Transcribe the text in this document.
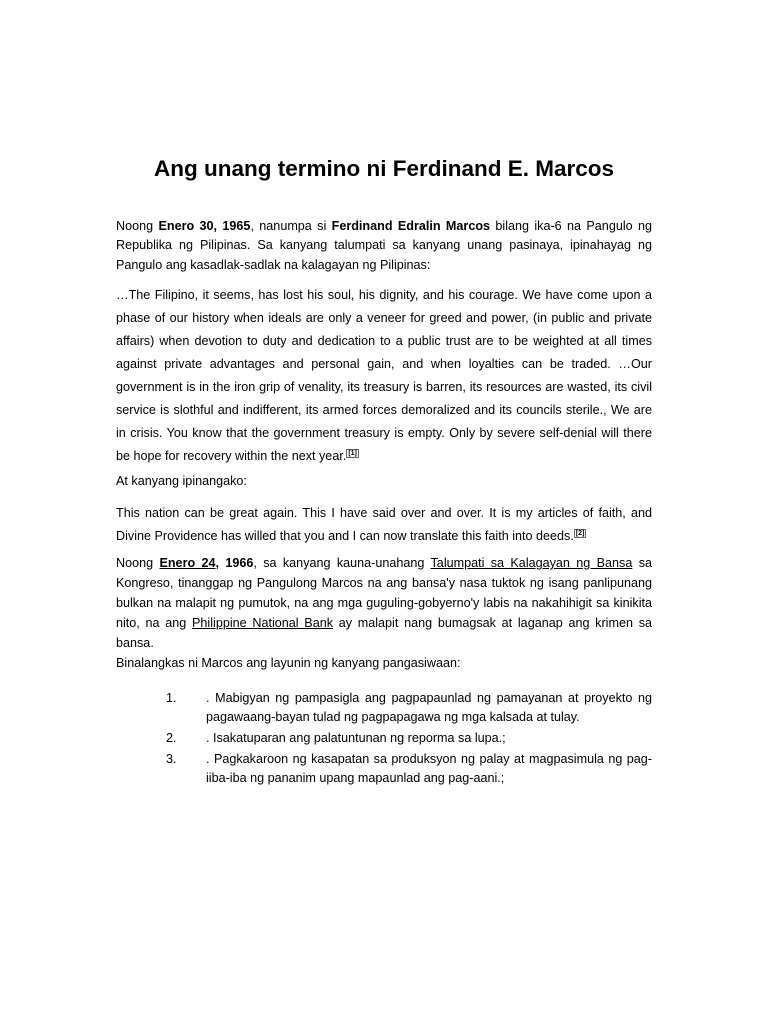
Ang unang termino ni Ferdinand E. Marcos

Noong Enero 30, 1965, nanumpa si Ferdinand Edralin Marcos bilang ika-6 na Pangulo ng Republika ng Pilipinas. Sa kanyang talumpati sa kanyang unang pasinaya, ipinahayag ng Pangulo ang kasadlak-sadlak na kalagayan ng Pilipinas:

…The Filipino, it seems, has lost his soul, his dignity, and his courage. We have come upon a phase of our history when ideals are only a veneer for greed and power, (in public and private affairs) when devotion to duty and dedication to a public trust are to be weighted at all times against private advantages and personal gain, and when loyalties can be traded. …Our government is in the iron grip of venality, its treasury is barren, its resources are wasted, its civil service is slothful and indifferent, its armed forces demoralized and its councils sterile., We are in crisis. You know that the government treasury is empty. Only by severe self-denial will there be hope for recovery within the next year. [1]

At kanyang ipinangako:

This nation can be great again. This I have said over and over. It is my articles of faith, and Divine Providence has willed that you and I can now translate this faith into deeds. [2]

Noong Enero 24, 1966, sa kanyang kauna-unahang Talumpati sa Kalagayan ng Bansa sa Kongreso, tinanggap ng Pangulong Marcos na ang bansa'y nasa tuktok ng isang panlipunang bulkan na malapit ng pumutok, na ang mga guguling-gobyerno'y labis na nakahihigit sa kinikita nito, na ang Philippine National Bank ay malapit nang bumagsak at laganap ang krimen sa bansa.

Binalangkas ni Marcos ang layunin ng kanyang pangasiwaan:

1. . Mabigyan ng pampasigla ang pagpapaunlad ng pamayanan at proyekto ng pagawaang-bayan tulad ng pagpapagawa ng mga kalsada at tulay.
2. . Isakatuparan ang palatuntunan ng reporma sa lupa.;
3. . Pagkakaroon ng kasapatan sa produksyon ng palay at magpasimula ng pag-iiba-iba ng pananim upang mapaunlad ang pag-aani.;
